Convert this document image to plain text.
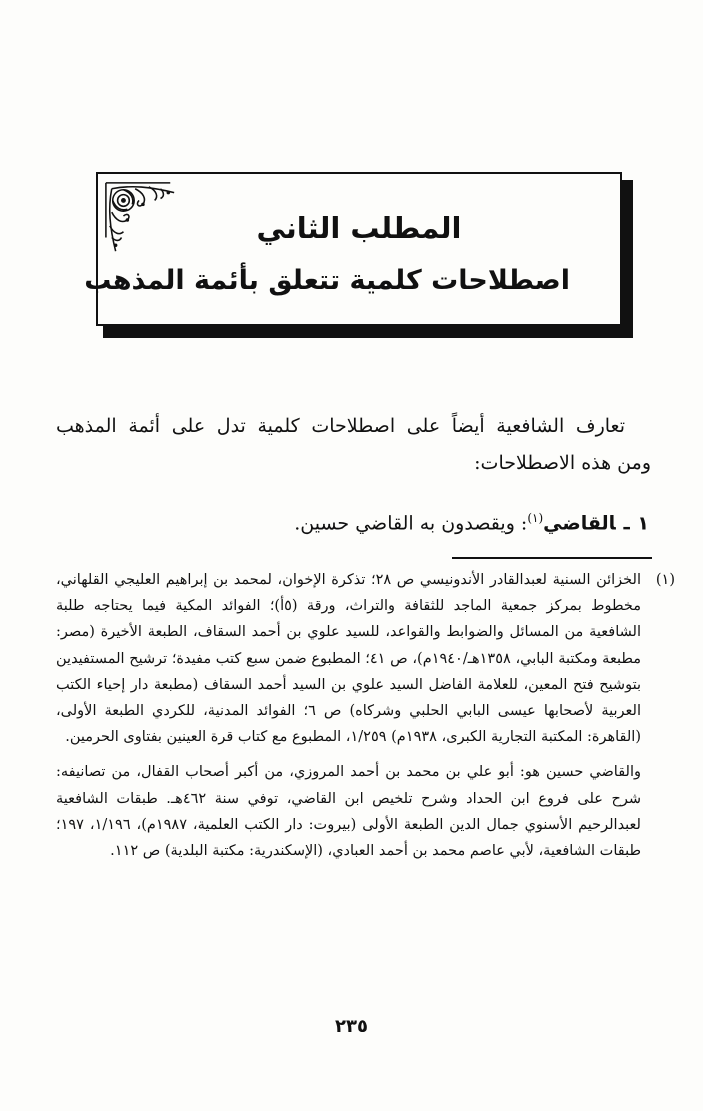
المطلب الثاني
اصطلاحات كلمية تتعلق بأئمة المذهب

تعارف الشافعية أيضاً على اصطلاحات كلمية تدل على أئمة المذهب

ومن هذه الاصطلاحات:

١ـالقاضي$^{(١)}$: ويقصدون به القاضي حسين.
(١)

الخزائن السنية لعبدالقادر الأندونيسي ص ٢٨؛ تذكرة الإخوان، لمحمد بن إبراهيم العليجي القلهاني، مخطوط بمركز جمعية الماجد للثقافة والتراث، ورقة (٥أ)؛ الفوائد المكية فيما يحتاجه طلبة الشافعية من المسائل والضوابط والقواعد، للسيد علوي بن أحمد السقاف، الطبعة الأخيرة (مصر: مطبعة ومكتبة البابي، ١٣٥٨هـ/١٩٤٠م)، ص ٤١؛ المطبوع ضمن سبع كتب مفيدة؛ ترشيح المستفيدين بتوشيح فتح المعين، للعلامة الفاضل السيد علوي بن السيد أحمد السقاف (مطبعة دار إحياء الكتب العربية لأصحابها عيسى البابي الحلبي وشركاه) ص ٦؛ الفوائد المدنية، للكردي الطبعة الأولى، (القاهرة: المكتبة التجارية الكبرى، ١٩٣٨م) ١/٢٥٩، المطبوع مع كتاب قرة العينين بفتاوى الحرمين.

والقاضي حسين هو: أبو علي بن محمد بن أحمد المروزي، من أكبر أصحاب القفال، من تصانيفه: شرح على فروع ابن الحداد وشرح تلخيص ابن القاضي، توفي سنة ٤٦٢هـ. طبقات الشافعية لعبدالرحيم الأسنوي جمال الدين الطبعة الأولى (بيروت: دار الكتب العلمية، ١٩٨٧م)، ١/١٩٦، ١٩٧؛ طبقات الشافعية، لأبي عاصم محمد بن أحمد العبادي، (الإسكندرية: مكتبة البلدية) ص ١١٢.

٢٣٥
